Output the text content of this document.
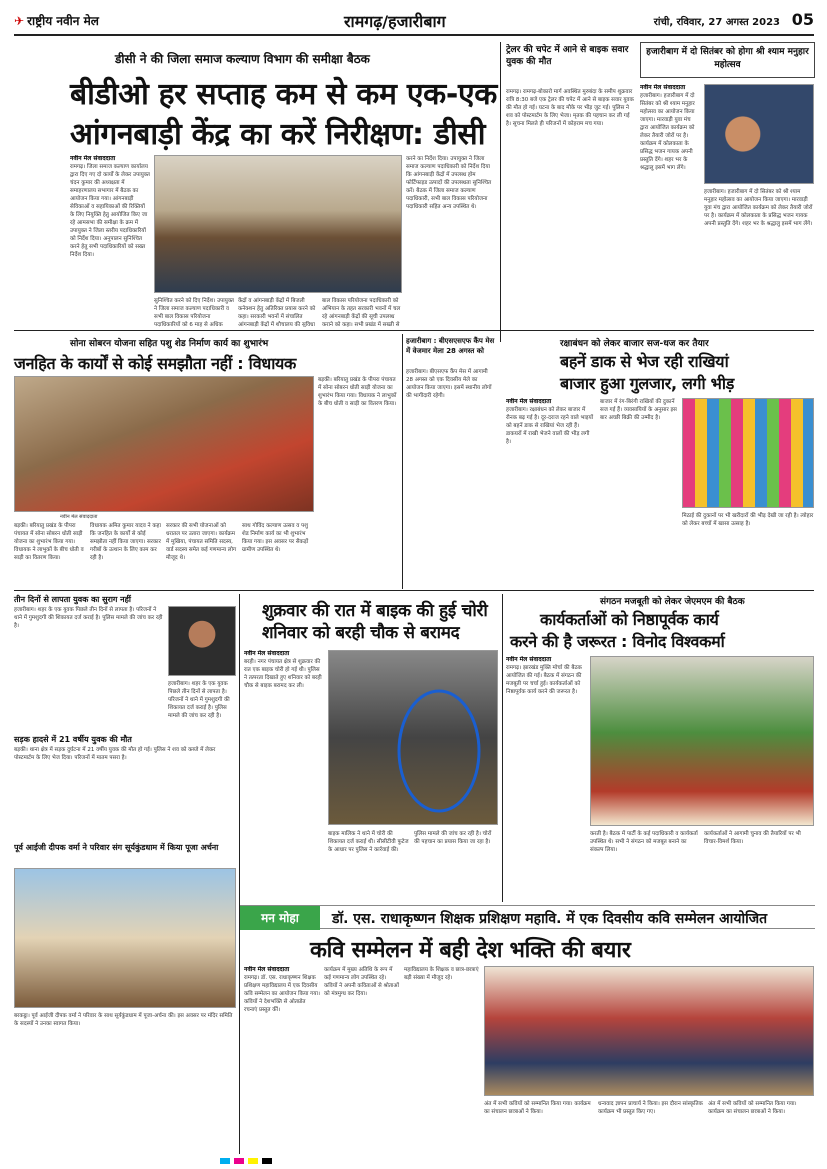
✈ राष्ट्रीय नवीन मेल	रामगढ़/हजारीबाग	रांची, रविवार, 27 अगस्त 2023 05
डीसी ने की जिला समाज कल्याण विभाग की समीक्षा बैठक
बीडीओ हर सप्ताह कम से कम एक-एक
आंगनबाड़ी केंद्र का करें निरीक्षण: डीसी
नवीन मेल संवाददाता
रामगढ़। जिला समाज कल्याण कार्यालय द्वारा दिए गए दो कार्यों के लेकर उपायुक्त चंदन कुमार की अध्यक्षता में समाहरणालय सभागार में बैठक का आयोजन किया गया। आंगनबाड़ी सेविकाओं व सहायिकाओं की रिक्तियों के लिए नियुक्ति हेतु आयोजित किए जा रहे आमसभा की समीक्षा के क्रम में उपायुक्त ने जिला स्तरीय पदाधिकारियों को निर्देश दिया। अनुपालन सुनिश्चित करने हेतु सभी पदाधिकारियों को सख्त निर्देश दिया।
सुनिश्चित करने को दिए निर्देश। उपायुक्त ने जिला समाज कल्याण पदाधिकारी व सभी बाल विकास परियोजना पदाधिकारियों को 6 माह से अधिक
केंद्रों व आंगनबाड़ी केंद्रों में बिजली कनेक्शन हेतु अतिरिक्त प्रयास करने को कहा। सरकारी भवनों में संचालित आंगनबाड़ी केंद्रों में शौचालय की सुविधा
बाल विकास परियोजना पदाधिकारी को अभियान के तहत सरकारी भवनों में चल रहे आंगनबाड़ी केंद्रों की सूची उपलब्ध कराने को कहा। सभी प्रखंड में सख्ती से
करने का निर्देश दिया। उपायुक्त ने जिला समाज कल्याण पदाधिकारी को निर्देश दिया कि आंगनबाड़ी केंद्रों में उपलब्ध होम फोर्टिफाइड उत्पादों की उपलब्धता सुनिश्चित करें। बैठक में जिला समाज कल्याण पदाधिकारी, सभी बाल विकास परियोजना पदाधिकारी सहित अन्य उपस्थित थे।
ट्रेलर की चपेट में आने से बाइक सवार युवक की मौत
रामगढ़। रामगढ़-बोकारो मार्ग अवस्थित मुरुबंदा के समीप शुक्रवार रात्रि 8:30 बजे एक ट्रेलर की चपेट में आने से बाइक सवार युवक की मौत हो गई। घटना के बाद मौके पर भीड़ जुट गई। पुलिस ने शव को पोस्टमार्टम के लिए भेजा। मृतक की पहचान कर ली गई है। सूचना मिलते ही परिजनों में कोहराम मच गया।
हजारीबाग में दो सितंबर को होगा श्री श्याम मनुहार महोत्सव
नवीन मेल संवाददाता
हजारीबाग। हजारीबाग में दो सितंबर को श्री श्याम मनुहार महोत्सव का आयोजन किया जाएगा। मारवाड़ी युवा मंच द्वारा आयोजित कार्यक्रम को लेकर तैयारी जोरों पर है। कार्यक्रम में कोलकाता के प्रसिद्ध भजन गायक अपनी प्रस्तुति देंगे। शहर भर के श्रद्धालु इसमें भाग लेंगे।
हजारीबाग। हजारीबाग में दो सितंबर को श्री श्याम मनुहार महोत्सव का आयोजन किया जाएगा। मारवाड़ी युवा मंच द्वारा आयोजित कार्यक्रम को लेकर तैयारी जोरों पर है। कार्यक्रम में कोलकाता के प्रसिद्ध भजन गायक अपनी प्रस्तुति देंगे। शहर भर के श्रद्धालु इसमें भाग लेंगे।
सोना सोबरन योजना सहित पशु शेड निर्माण कार्य का शुभारंभ
जनहित के कार्यों से कोई समझौता नहीं : विधायक
नवीन मेल संवाददाता
बड़की। बरियातु प्रखंड के पीपरा पंचायत में सोना सोबरन धोती साड़ी योजना का शुभारंभ किया गया। विधायक ने लाभुकों के बीच धोती व साड़ी का वितरण किया।
विधायक अमित कुमार यादव ने कहा कि जनहित के कार्यों से कोई समझौता नहीं किया जाएगा। सरकार गरीबों के उत्थान के लिए काम कर रही है।
सरकार की सभी योजनाओं को धरातल पर उतारा जाएगा। कार्यक्रम में मुखिया, पंचायत समिति सदस्य, वार्ड सदस्य समेत कई गणमान्य लोग मौजूद थे।
साथ गोविंद कल्याण उत्सव व पशु शेड निर्माण कार्य का भी शुभारंभ किया गया। इस अवसर पर सैकड़ों ग्रामीण उपस्थित थे।
बड़की। बरियातु प्रखंड के पीपरा पंचायत में सोना सोबरन धोती साड़ी योजना का शुभारंभ किया गया। विधायक ने लाभुकों के बीच धोती व साड़ी का वितरण किया।
हजारीबाग : बीएसएसएफ कैंप मेस में वेजमार मेला 28 अगस्त को
हजारीबाग। बीएसएफ कैंप मेस में आगामी 28 अगस्त को एक दिवसीय मेले का आयोजन किया जाएगा। इसमें स्थानीय लोगों की भागीदारी रहेगी।
रक्षाबंधन को लेकर बाजार सज-धज कर तैयार
बहनें डाक से भेज रही राखियां
बाजार हुआ गुलजार, लगी भीड़
नवीन मेल संवाददाता
हजारीबाग। रक्षाबंधन को लेकर बाजार में रौनक बढ़ गई है। दूर-दराज रहने वाले भाइयों को बहनें डाक से राखियां भेज रही हैं। डाकघरों में राखी भेजने वालों की भीड़ लगी है।
बाजार में रंग-बिरंगी राखियों की दुकानें सज गई हैं। व्यवसायियों के अनुसार इस बार अच्छी बिक्री की उम्मीद है।
मिठाई की दुकानों पर भी खरीदारों की भीड़ देखी जा रही है। त्योहार को लेकर बच्चों में खासा उत्साह है।
तीन दिनों से लापता युवक का सुराग नहीं
हजारीबाग। शहर के एक युवक पिछले तीन दिनों से लापता है। परिजनों ने थाने में गुमशुदगी की शिकायत दर्ज कराई है। पुलिस मामले की जांच कर रही है।
हजारीबाग। शहर के एक युवक पिछले तीन दिनों से लापता है। परिजनों ने थाने में गुमशुदगी की शिकायत दर्ज कराई है। पुलिस मामले की जांच कर रही है।
सड़क हादसे में 21 वर्षीय युवक की मौत
बड़की। थाना क्षेत्र में सड़क दुर्घटना में 21 वर्षीय युवक की मौत हो गई। पुलिस ने शव को कब्जे में लेकर पोस्टमार्टम के लिए भेज दिया। परिजनों में मातम पसरा है।
पूर्व आईजी दीपक वर्मा ने परिवार संग सूर्यकुंडधाम में किया पूजा अर्चना
बरकट्ठा। पूर्व आईजी दीपक वर्मा ने परिवार के साथ सूर्यकुंडधाम में पूजा-अर्चना की। इस अवसर पर मंदिर समिति के सदस्यों ने उनका स्वागत किया।
शुक्रवार की रात में बाइक की हुई चोरी
शनिवार को बरही चौक से बरामद
नवीन मेल संवाददाता
बरही। नगर पंचायत क्षेत्र से शुक्रवार की रात एक बाइक चोरी हो गई थी। पुलिस ने तत्परता दिखाते हुए शनिवार को बरही चौक से बाइक बरामद कर ली।
बाइक मालिक ने थाने में चोरी की शिकायत दर्ज कराई थी। सीसीटीवी फुटेज के आधार पर पुलिस ने कार्रवाई की।
पुलिस मामले की जांच कर रही है। चोरों की पहचान का प्रयास किया जा रहा है।
संगठन मजबूती को लेकर जेएमएम की बैठक
कार्यकर्ताओं को निष्ठापूर्वक कार्य
करने की है जरूरत : विनोद विश्वकर्मा
नवीन मेल संवाददाता
रामगढ़। झारखंड मुक्ति मोर्चा की बैठक आयोजित की गई। बैठक में संगठन की मजबूती पर चर्चा हुई। कार्यकर्ताओं को निष्ठापूर्वक कार्य करने की जरूरत है।
करती है। बैठक में पार्टी के कई पदाधिकारी व कार्यकर्ता उपस्थित थे। सभी ने संगठन को मजबूत बनाने का संकल्प लिया।
कार्यकर्ताओं ने आगामी चुनाव की तैयारियों पर भी विचार-विमर्श किया।
मन मोहा	डॉ. एस. राधाकृष्णन शिक्षक प्रशिक्षण महावि. में एक दिवसीय कवि सम्मेलन आयोजित
कवि सम्मेलन में बही देश भक्ति की बयार
नवीन मेल संवाददाता
रामगढ़। डॉ. एस. राधाकृष्णन शिक्षक प्रशिक्षण महाविद्यालय में एक दिवसीय कवि सम्मेलन का आयोजन किया गया। कवियों ने देशभक्ति से ओतप्रोत रचनाएं प्रस्तुत कीं।
कार्यक्रम में मुख्य अतिथि के रूप में कई गणमान्य लोग उपस्थित रहे। कवियों ने अपनी कविताओं से श्रोताओं को मंत्रमुग्ध कर दिया।
महाविद्यालय के शिक्षक व छात्र-छात्राएं बड़ी संख्या में मौजूद रहे।
अंत में सभी कवियों को सम्मानित किया गया। कार्यक्रम का संचालन छात्राओं ने किया।
धन्यवाद ज्ञापन प्राचार्य ने किया। इस दौरान सांस्कृतिक कार्यक्रम भी प्रस्तुत किए गए।
अंत में सभी कवियों को सम्मानित किया गया। कार्यक्रम का संचालन छात्राओं ने किया।
